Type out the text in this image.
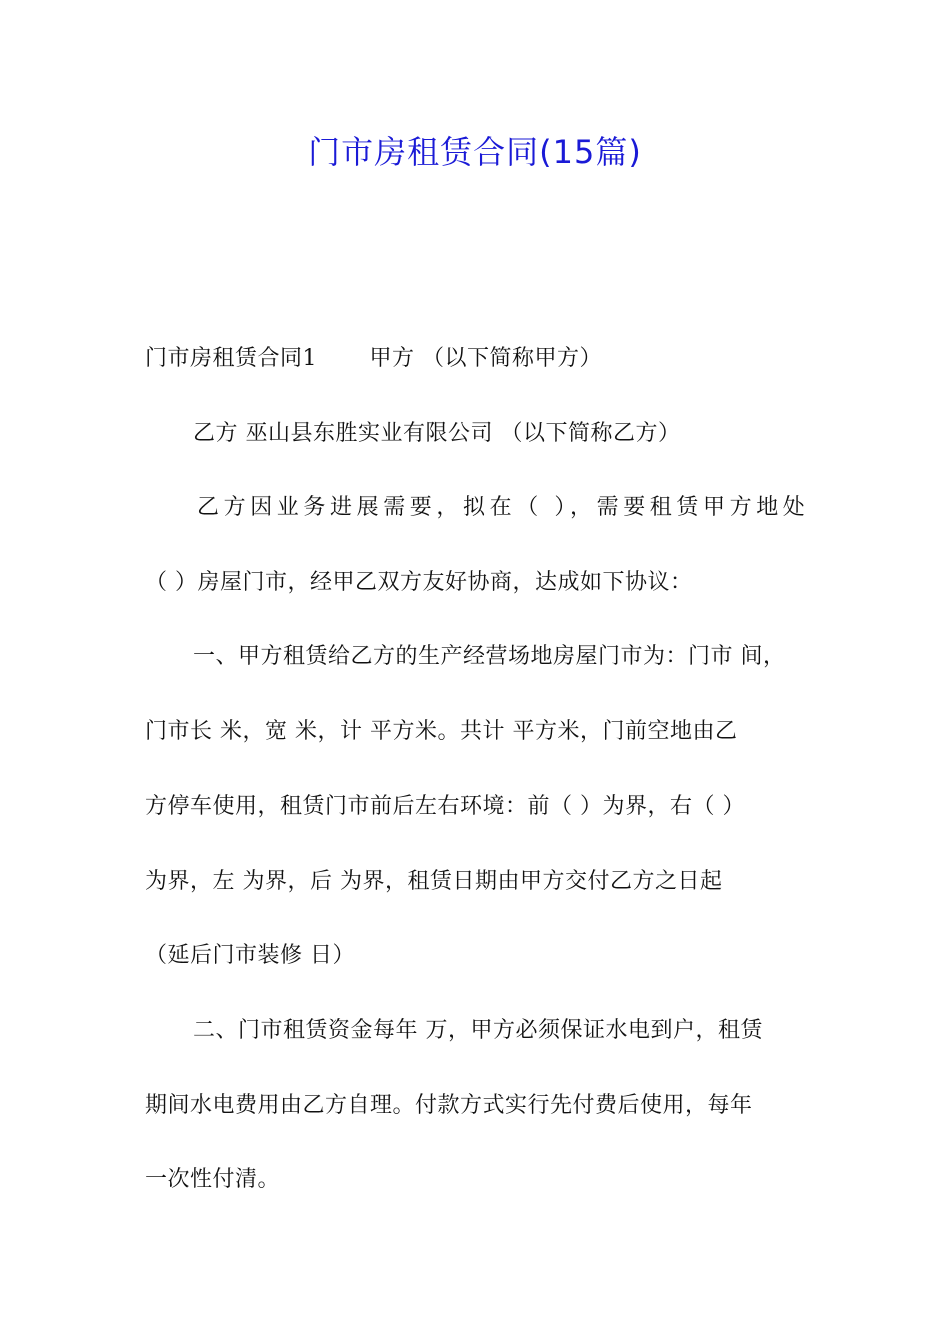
门市房租赁合同(15篇)
门市房租赁合同1　　 甲方 （以下简称甲方）
乙方 巫山县东胜实业有限公司 （以下简称乙方）
乙方因业务进展需要，拟在（ ），需要租赁甲方地处
（ ）房屋门市，经甲乙双方友好协商，达成如下协议：
一、甲方租赁给乙方的生产经营场地房屋门市为：门市 间，
门市长 米，宽 米，计 平方米。共计 平方米，门前空地由乙
方停车使用，租赁门市前后左右环境：前（ ）为界，右（ ）
为界，左 为界，后 为界，租赁日期由甲方交付乙方之日起
（延后门市装修 日）
二、门市租赁资金每年 万，甲方必须保证水电到户，租赁
期间水电费用由乙方自理。付款方式实行先付费后使用，每年
一次性付清。
